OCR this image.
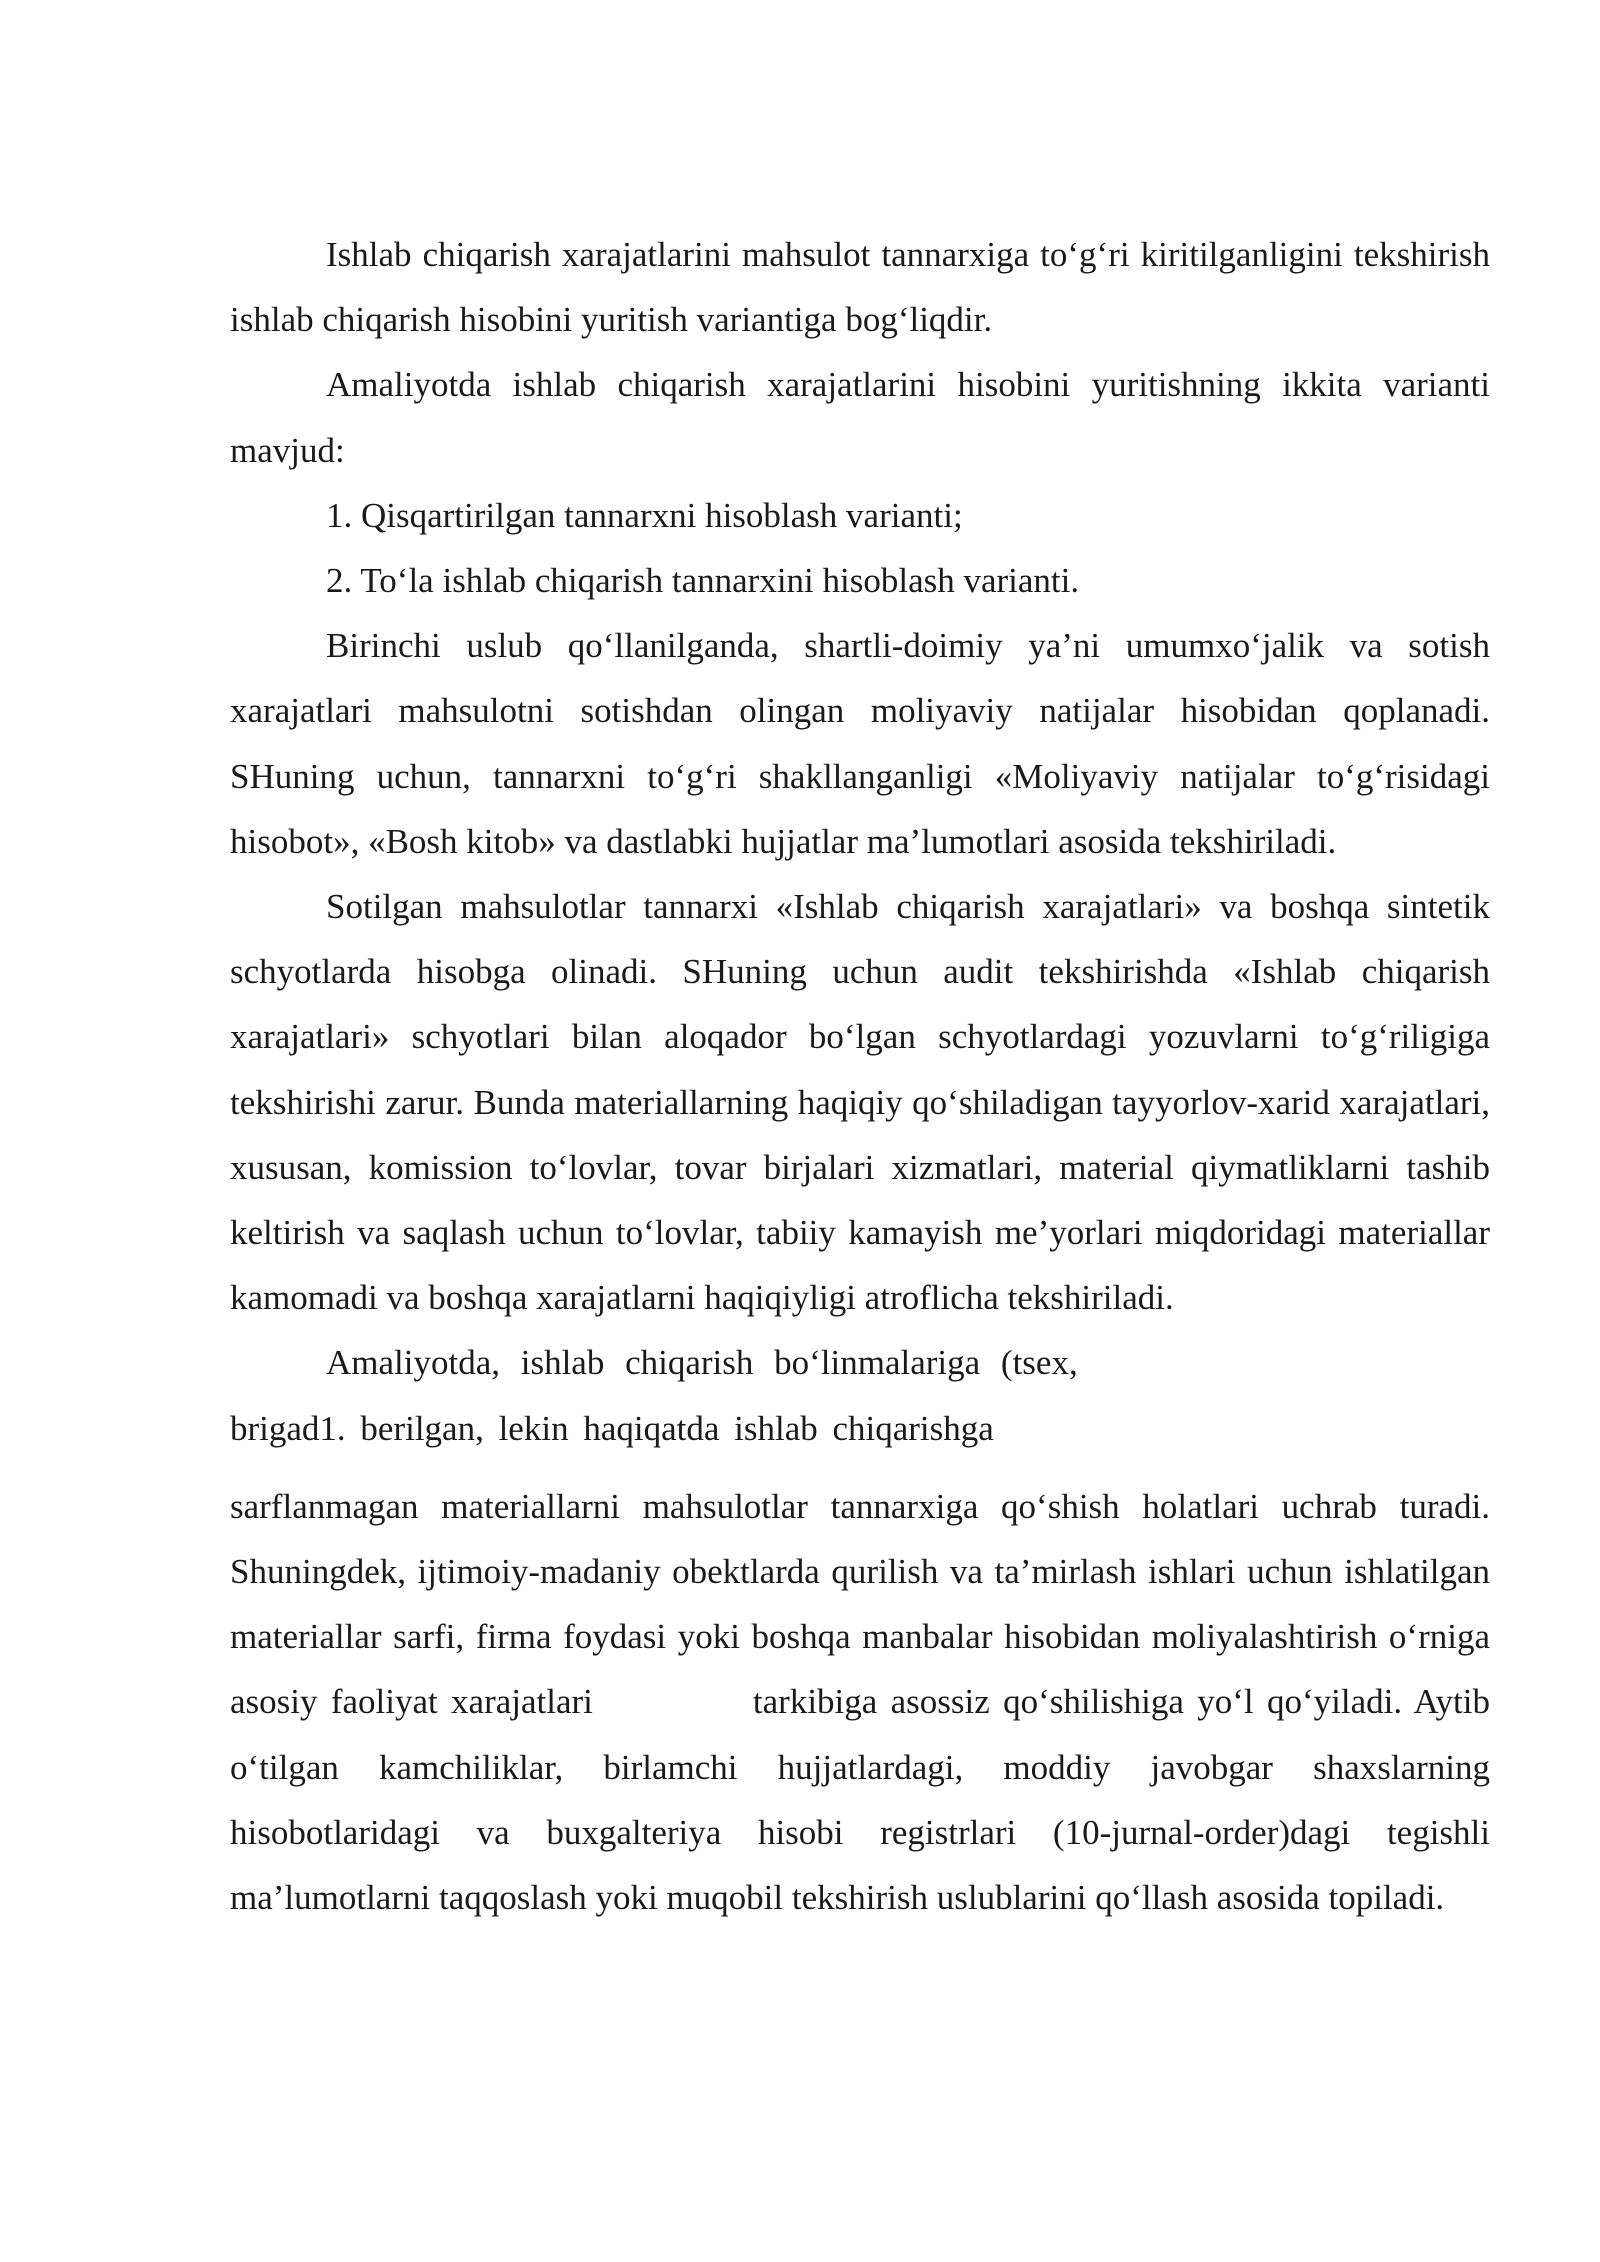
Ishlab chiqarish xarajatlarini mahsulot tannarxiga to‘g‘ri kiritilganligini tekshirish ishlab chiqarish hisobini yuritish variantiga bog‘liqdir.

Amaliyotda ishlab chiqarish xarajatlarini hisobini yuritishning ikkita varianti mavjud:

1. Qisqartirilgan tannarxni hisoblash varianti;

2. To‘la ishlab chiqarish tannarxini hisoblash varianti.

Birinchi uslub qo‘llanilganda, shartli-doimiy ya’ni umumxo‘jalik va sotish xarajatlari mahsulotni sotishdan olingan moliyaviy natijalar hisobidan qoplanadi. SHuning uchun, tannarxni to‘g‘ri shakllanganligi «Moliyaviy natijalar to‘g‘risidagi hisobot», «Bosh kitob» va dastlabki hujjatlar ma’lumotlari asosida tekshiriladi.

Sotilgan mahsulotlar tannarxi «Ishlab chiqarish xarajatlari» va boshqa sintetik schyotlarda hisobga olinadi. SHuning uchun audit tekshirishda «Ishlab chiqarish xarajatlari» schyotlari bilan aloqador bo‘lgan schyotlardagi yozuvlarni to‘g‘riligiga tekshirishi zarur. Bunda materiallarning haqiqiy qo‘shiladigan tayyorlov-xarid xarajatlari, xususan, komission to‘lovlar, tovar birjalari xizmatlari, material qiymatliklarni tashib keltirish va saqlash uchun to‘lovlar, tabiiy kamayish me’yorlari miqdoridagi materiallar kamomadi va boshqa xarajatlarni haqiqiyligi atroflicha tekshiriladi.

Amaliyotda, ishlab chiqarish bo‘linmalariga (tsex,

brigad1. berilgan, lekin haqiqatda ishlab chiqarishga

sarflanmagan materiallarni mahsulotlar tannarxiga qo‘shish holatlari uchrab turadi. Shuningdek, ijtimoiy-madaniy obektlarda qurilish va ta’mirlash ishlari uchun ishlatilgan materiallar sarfi, firma foydasi yoki boshqa manbalar hisobidan moliyalashtirish o‘rniga asosiy faoliyat xarajatlari	tarkibiga asossiz qo‘shilishiga yo‘l qo‘yiladi. Aytib o‘tilgan kamchiliklar, birlamchi hujjatlardagi, moddiy javobgar shaxslarning hisobotlaridagi va buxgalteriya hisobi registrlari (10-jurnal-order)dagi tegishli ma’lumotlarni taqqoslash yoki muqobil tekshirish uslublarini qo‘llash asosida topiladi.
